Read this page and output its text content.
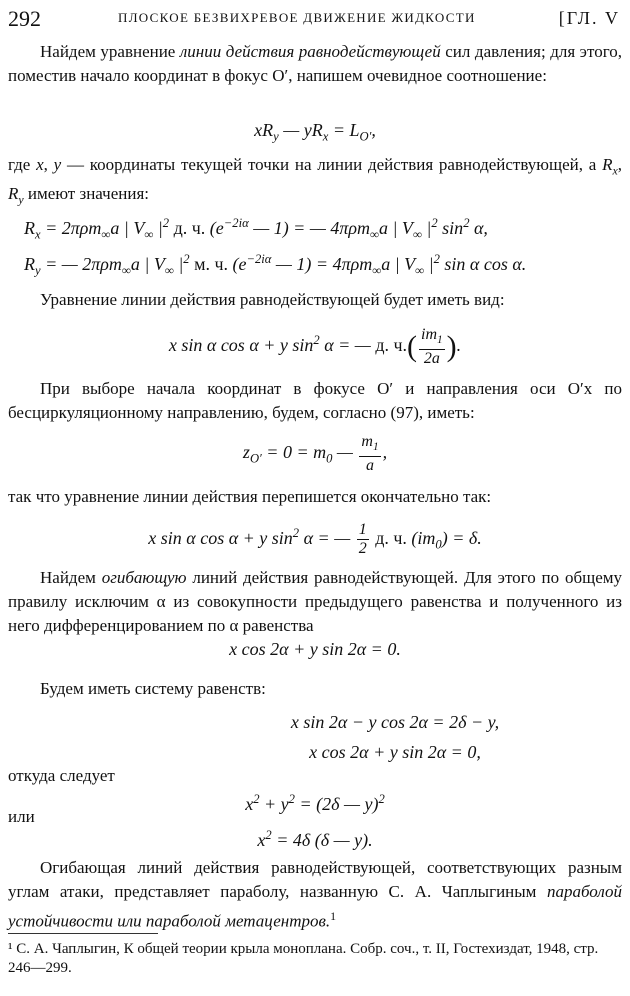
292	ПЛОСКОЕ БЕЗВИХРЕВОЕ ДВИЖЕНИЕ ЖИДКОСТИ	[ГЛ. V

Найдем уравнение линии действия равнодействующей сил давления; для этого, поместив начало координат в фокус O′, напишем очевидное соотношение:

$xR_y$ — $yR_x = L_{O'}$,

где x, y — координаты текущей точки на линии действия равнодействующей, а $R_x$, $R_y$ имеют значения:

$R_x = 2\pi\rho m_\infty a$ | $V_\infty$ $|^2$ д. ч. ($e^{-2i\alpha}$ — 1) = — 4πρm$_\infty$a | $V_\infty$ $|^2$ $\sin^2 \alpha$,
$R_y$ = — 2πρm$_\infty$a | $V_\infty$ $|^2$ м. ч. ($e^{-2i\alpha}$ — 1) = 4πρm$_\infty$a | $V_\infty$ $|^2$ sin α cos α.
Уравнение линии действия равнодействующей будет иметь вид:
x sin α cos α + y $\sin^2 \alpha$ = — д. $ч.( \frac{im_1}{2a}$ ).

При выборе начала координат в фокусе O′ и направления оси O′x по бесциркуляционному направлению, будем, согласно (97), иметь:

$z_{O'} = 0 = m_0$ — $\frac{m_1}{a}$ ,
так что уравнение линии действия перепишется окончательно так:
x sin α cos α + y $\sin^2 \alpha$ = — $\frac{1}{2} д$. ч. $(im_0) = \delta$.

Найдем огибающую линий действия равнодействующей. Для этого по общему правилу исключим α из совокупности предыдущего равенства и полученного из него дифференцированием по α равенства

x cos 2α + y sin 2α = 0.
Будем иметь систему равенств:
x sin 2α − y cos 2α = 2δ − y,
x cos 2α + y sin 2α = 0,
откуда следует
$x^2 + y^2 = (2\delta$ — y)$^2$
или
$x^2 = 4\delta$ (δ — y).

Огибающая линий действия равнодействующей, соответствующих разным углам атаки, представляет параболу, названную С. А. Чаплыгиным параболой устойчивости или параболой метацентров.$^1$

¹ С. А. Чаплыгин, К общей теории крыла моноплана. Собр. соч., т. II, Гостехиздат, 1948, стр. 246—299.
